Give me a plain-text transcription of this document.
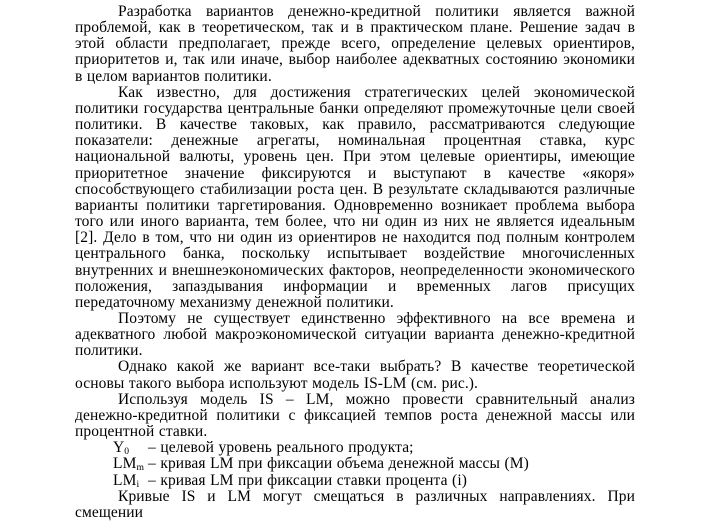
Разработка вариантов денежно-кредитной политики является важной проблемой, как в теоретическом, так и в практическом плане. Решение задач в этой области предполагает, прежде всего, определение целевых ориентиров, приоритетов и, так или иначе, выбор наиболее адекватных состоянию экономики в целом вариантов политики.

Как известно, для достижения стратегических целей экономической политики государства центральные банки определяют промежуточные цели своей политики. В качестве таковых, как правило, рассматриваются следующие показатели: денежные агрегаты, номинальная процентная ставка, курс национальной валюты, уровень цен. При этом целевые ориентиры, имеющие приоритетное значение фиксируются и выступают в качестве «якоря» способствующего стабилизации роста цен. В результате складываются различные варианты политики таргетирования. Одновременно возникает проблема выбора того или иного варианта, тем более, что ни один из них не является идеальным [2]. Дело в том, что ни один из ориентиров не находится под полным контролем центрального банка, поскольку испытывает воздействие многочисленных внутренних и внешнеэкономических факторов, неопределенности экономического положения, запаздывания информации и временных лагов присущих передаточному механизму денежной политики.

Поэтому не существует единственно эффективного на все времена и адекватного любой макроэкономической ситуации варианта денежно-кредитной политики.

Однако какой же вариант все-таки выбрать? В качестве теоретической основы такого выбора используют модель IS-LM (см. рис.).

Используя модель IS – LM, можно провести сравнительный анализ денежно-кредитной политики с фиксацией темпов роста денежной массы или процентной ставки.

$Y_0$	– целевой уровень реального продукта;

$LM_m$ – кривая LM при фиксации объема денежной массы (М)

$LM_i$ – кривая LM при фиксации ставки процента (i)

Кривые IS и LM могут смещаться в различных направлениях. При смещении
